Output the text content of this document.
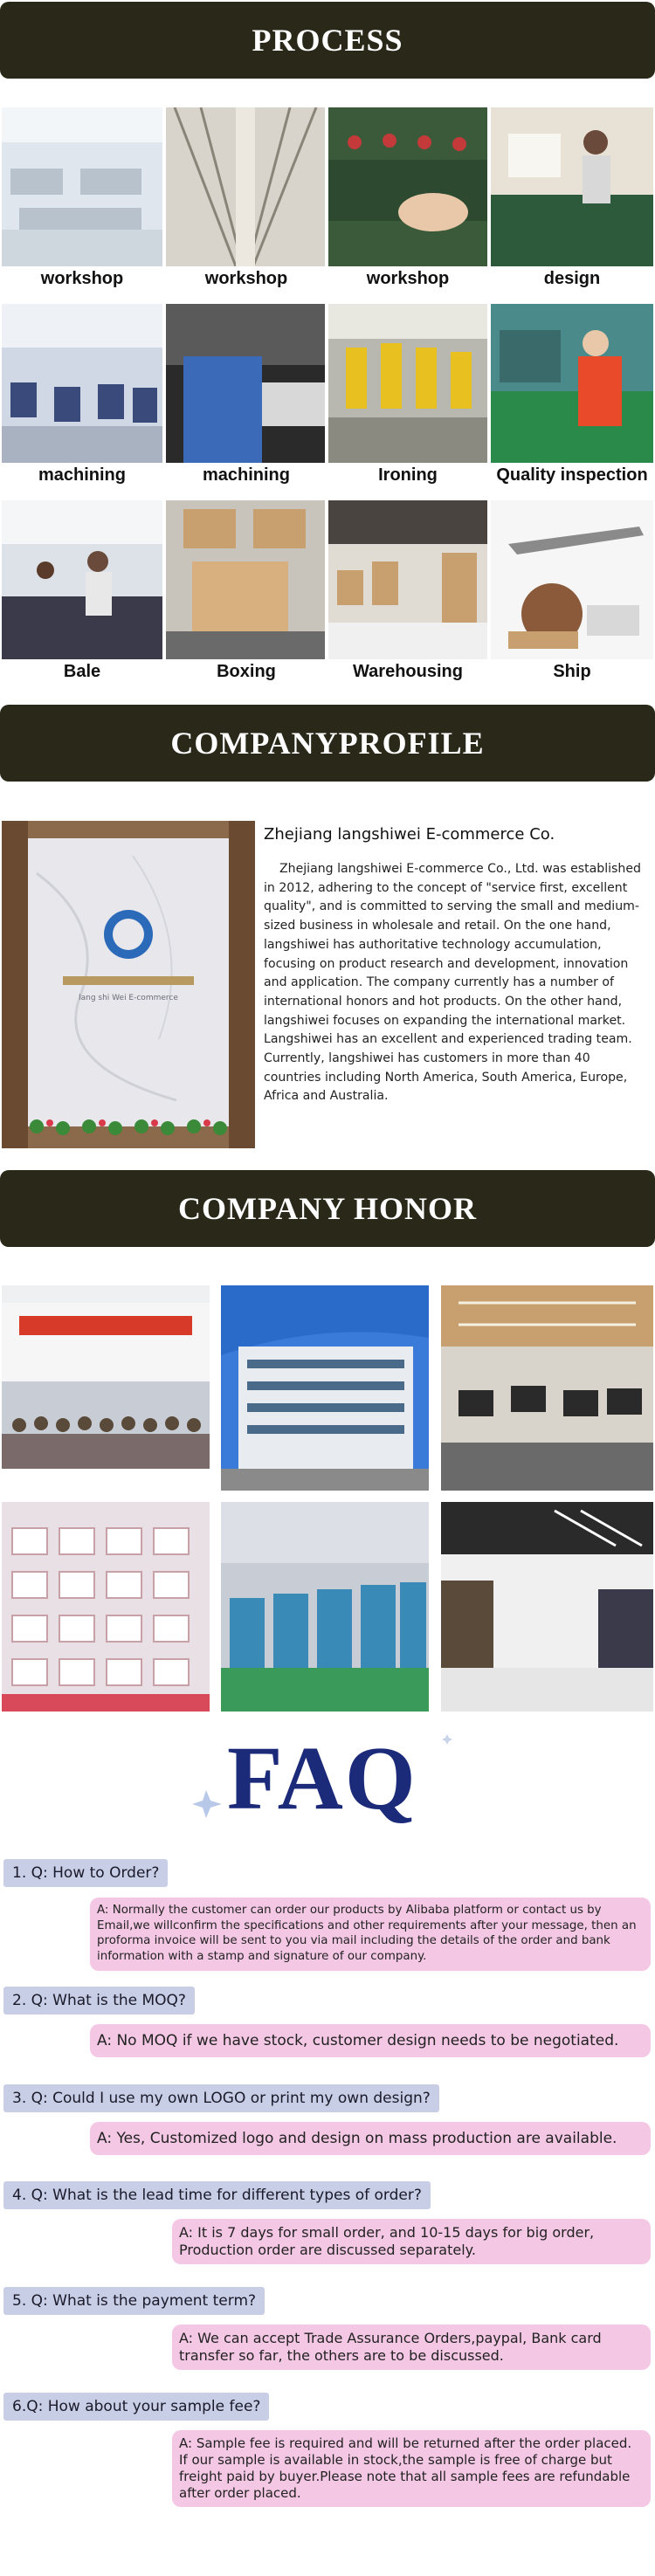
PROCESS
workshop	workshop	workshop	design
machining	machining	Ironing	Quality inspection
Bale	Boxing	Warehousing	Ship
COMPANYPROFILE
lang shi Wei E-commerce
Zhejiang langshiwei E-commerce Co.
Zhejiang langshiwei E-commerce Co., Ltd. was established in 2012, adhering to the concept of "service first, excellent quality", and is committed to serving the small and medium-sized business in wholesale and retail. On the one hand, langshiwei has authoritative technology accumulation, focusing on product research and development, innovation and application. The company currently has a number of international honors and hot products. On the other hand, langshiwei focuses on expanding the international market. Langshiwei has an excellent and experienced trading team. Currently, langshiwei has customers in more than 40 countries including North America, South America, Europe, Africa and Australia.
COMPANY HONOR
FAQ
1. Q: How to Order?
A: Normally the customer can order our products by Alibaba platform or contact us by Email,we willconfirm the specifications and other requirements after your message, then an proforma invoice will be sent to you via mail including the details of the order and bank information with a stamp and signature of our company.
2. Q: What is the MOQ?
A: No MOQ if we have stock, customer design needs to be negotiated.
3. Q: Could I use my own LOGO or print my own design?
A: Yes, Customized logo and design on mass production are available.
4. Q: What is the lead time for different types of order?
A: It is 7 days for small order, and 10-15 days for big order, Production order are discussed separately.
5. Q: What is the payment term?
A: We can accept Trade Assurance Orders,paypal, Bank card transfer so far, the others are to be discussed.
6.Q: How about your sample fee?
A: Sample fee is required and will be returned after the order placed. If our sample is available in stock,the sample is free of charge but freight paid by buyer.Please note that all sample fees are refundable after order placed.
